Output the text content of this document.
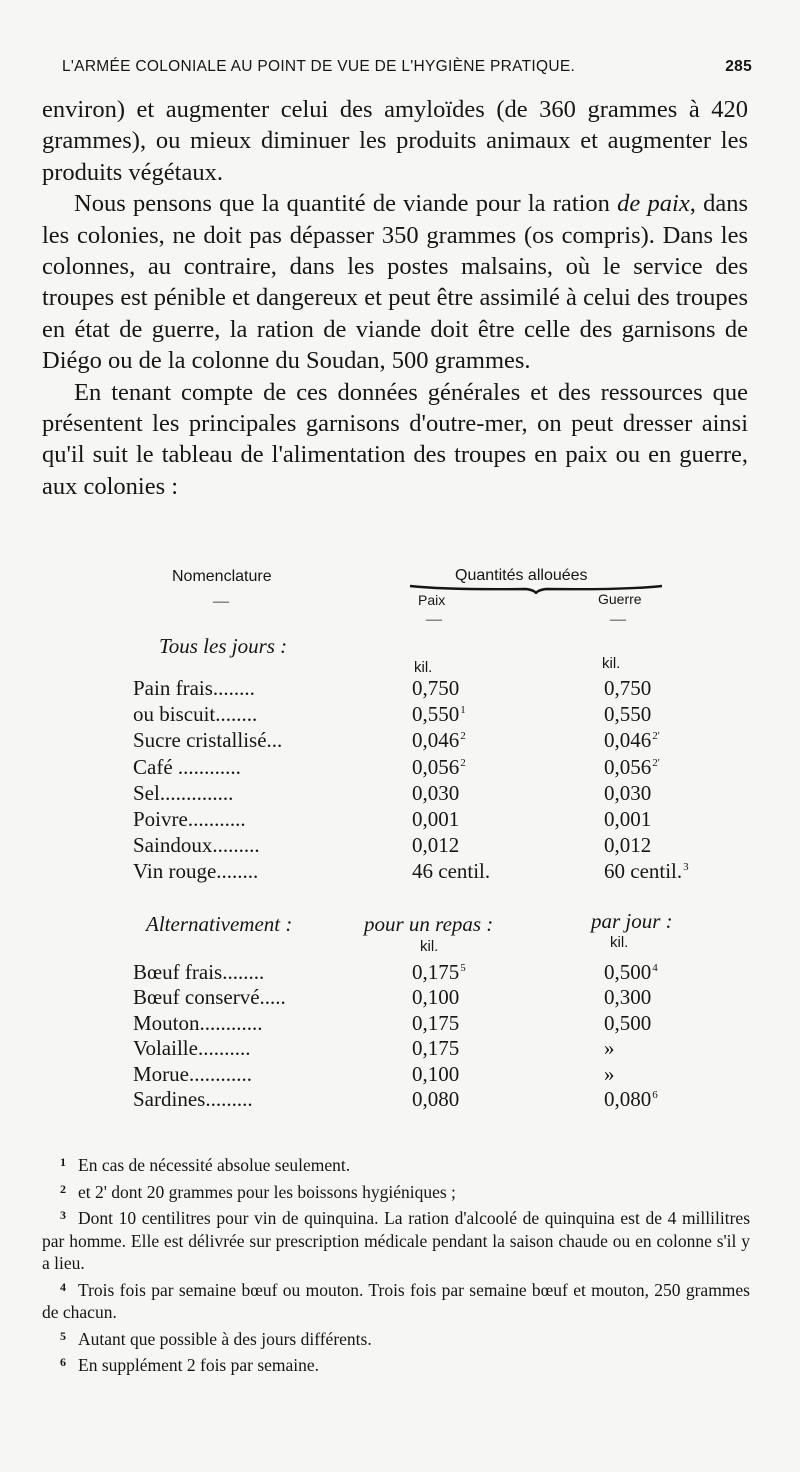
L'ARMÉE COLONIALE AU POINT DE VUE DE L'HYGIÈNE PRATIQUE.	285

environ) et augmenter celui des amyloïdes (de 360 grammes à 420 grammes), ou mieux diminuer les produits animaux et augmenter les produits végétaux.

Nous pensons que la quantité de viande pour la ration de paix, dans les colonies, ne doit pas dépasser 350 grammes (os compris). Dans les colonnes, au contraire, dans les postes malsains, où le service des troupes est pénible et dangereux et peut être assimilé à celui des troupes en état de guerre, la ration de viande doit être celle des garnisons de Diégo ou de la colonne du Soudan, 500 grammes.

En tenant compte de ces données générales et des ressources que présentent les principales garnisons d'outre-mer, on peut dresser ainsi qu'il suit le tableau de l'alimentation des troupes en paix ou en guerre, aux colonies :

Nomenclature
—
Quantités allouées
Paix	Guerre
—	—
Tous les jours :
kil.	kil.
Pain frais........	0,750	0,750
ou biscuit........	0,550$^1$	0,550
Sucre cristallisé...	0,046$^2$	$0,046^{2'}$
Café ............	0,056$^2$	$0,056^{2'}$
Sel..............	0,030	0,030
Poivre...........	0,001	0,001
Saindoux.........	0,012	0,012
Vin rouge........	46 centil.	60 centil.$^3$
Alternativement :	pour un repas :	par jour :
kil.	kil.
Bœuf frais........	0,175$^5$	0,500$^4$
Bœuf conservé.....	0,100	0,300
Mouton............	0,175	0,500
Volaille..........	0,175	»
Morue............	0,100	»
Sardines.........	0,080	0,080$^6$

1 En cas de nécessité absolue seulement.

2 et 2' dont 20 grammes pour les boissons hygiéniques ;

3 Dont 10 centilitres pour vin de quinquina. La ration d'alcoolé de quinquina est de 4 millilitres par homme. Elle est délivrée sur prescription médicale pendant la saison chaude ou en colonne s'il y a lieu.

4 Trois fois par semaine bœuf ou mouton. Trois fois par semaine bœuf et mouton, 250 grammes de chacun.

5 Autant que possible à des jours différents.

6 En supplément 2 fois par semaine.
